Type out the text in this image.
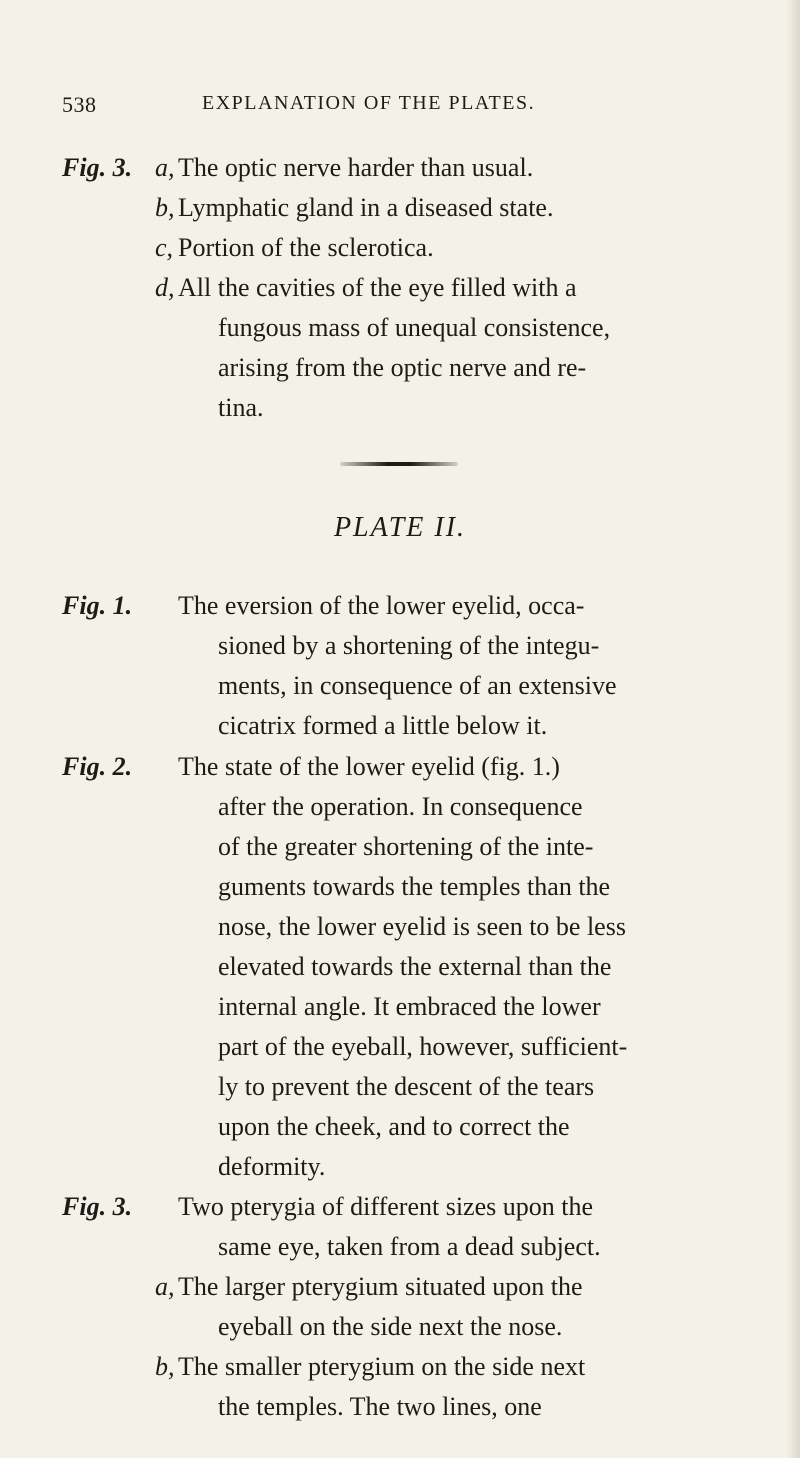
538	EXPLANATION OF THE PLATES.
Fig. 3. a, The optic nerve harder than usual.
b, Lymphatic gland in a diseased state.
c, Portion of the sclerotica.
d, All the cavities of the eye filled with a
fungous mass of unequal consistence,
arising from the optic nerve and re-
tina.
PLATE II.
Fig. 1. The eversion of the lower eyelid, occa-
sioned by a shortening of the integu-
ments, in consequence of an extensive
cicatrix formed a little below it.
Fig. 2. The state of the lower eyelid (fig. 1.)
after the operation. In consequence
of the greater shortening of the inte-
guments towards the temples than the
nose, the lower eyelid is seen to be less
elevated towards the external than the
internal angle. It embraced the lower
part of the eyeball, however, sufficient-
ly to prevent the descent of the tears
upon the cheek, and to correct the
deformity.
Fig. 3. Two pterygia of different sizes upon the
same eye, taken from a dead subject.
a, The larger pterygium situated upon the
eyeball on the side next the nose.
b, The smaller pterygium on the side next
the temples. The two lines, one
